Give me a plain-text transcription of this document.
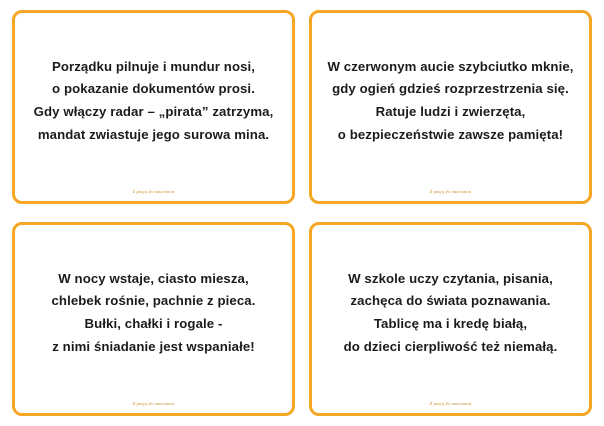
Porządku pilnuje i mundur nosi,
o pokazanie dokumentów prosi.
Gdy włączy radar – „pirata” zatrzyma,
mandat zwiastuje jego surowa mina.
Z pasją do nauczania
W czerwonym aucie szybciutko mknie,
gdy ogień gdzieś rozprzestrzenia się.
Ratuje ludzi i zwierzęta,
o bezpieczeństwie zawsze pamięta!
Z pasją do nauczania
W nocy wstaje, ciasto miesza,
chlebek rośnie, pachnie z pieca.
Bułki, chałki i rogale -
z nimi śniadanie jest wspaniałe!
Z pasją do nauczania
W szkole uczy czytania, pisania,
zachęca do świata poznawania.
Tablicę ma i kredę białą,
do dzieci cierpliwość też niemałą.
Z pasją do nauczania
